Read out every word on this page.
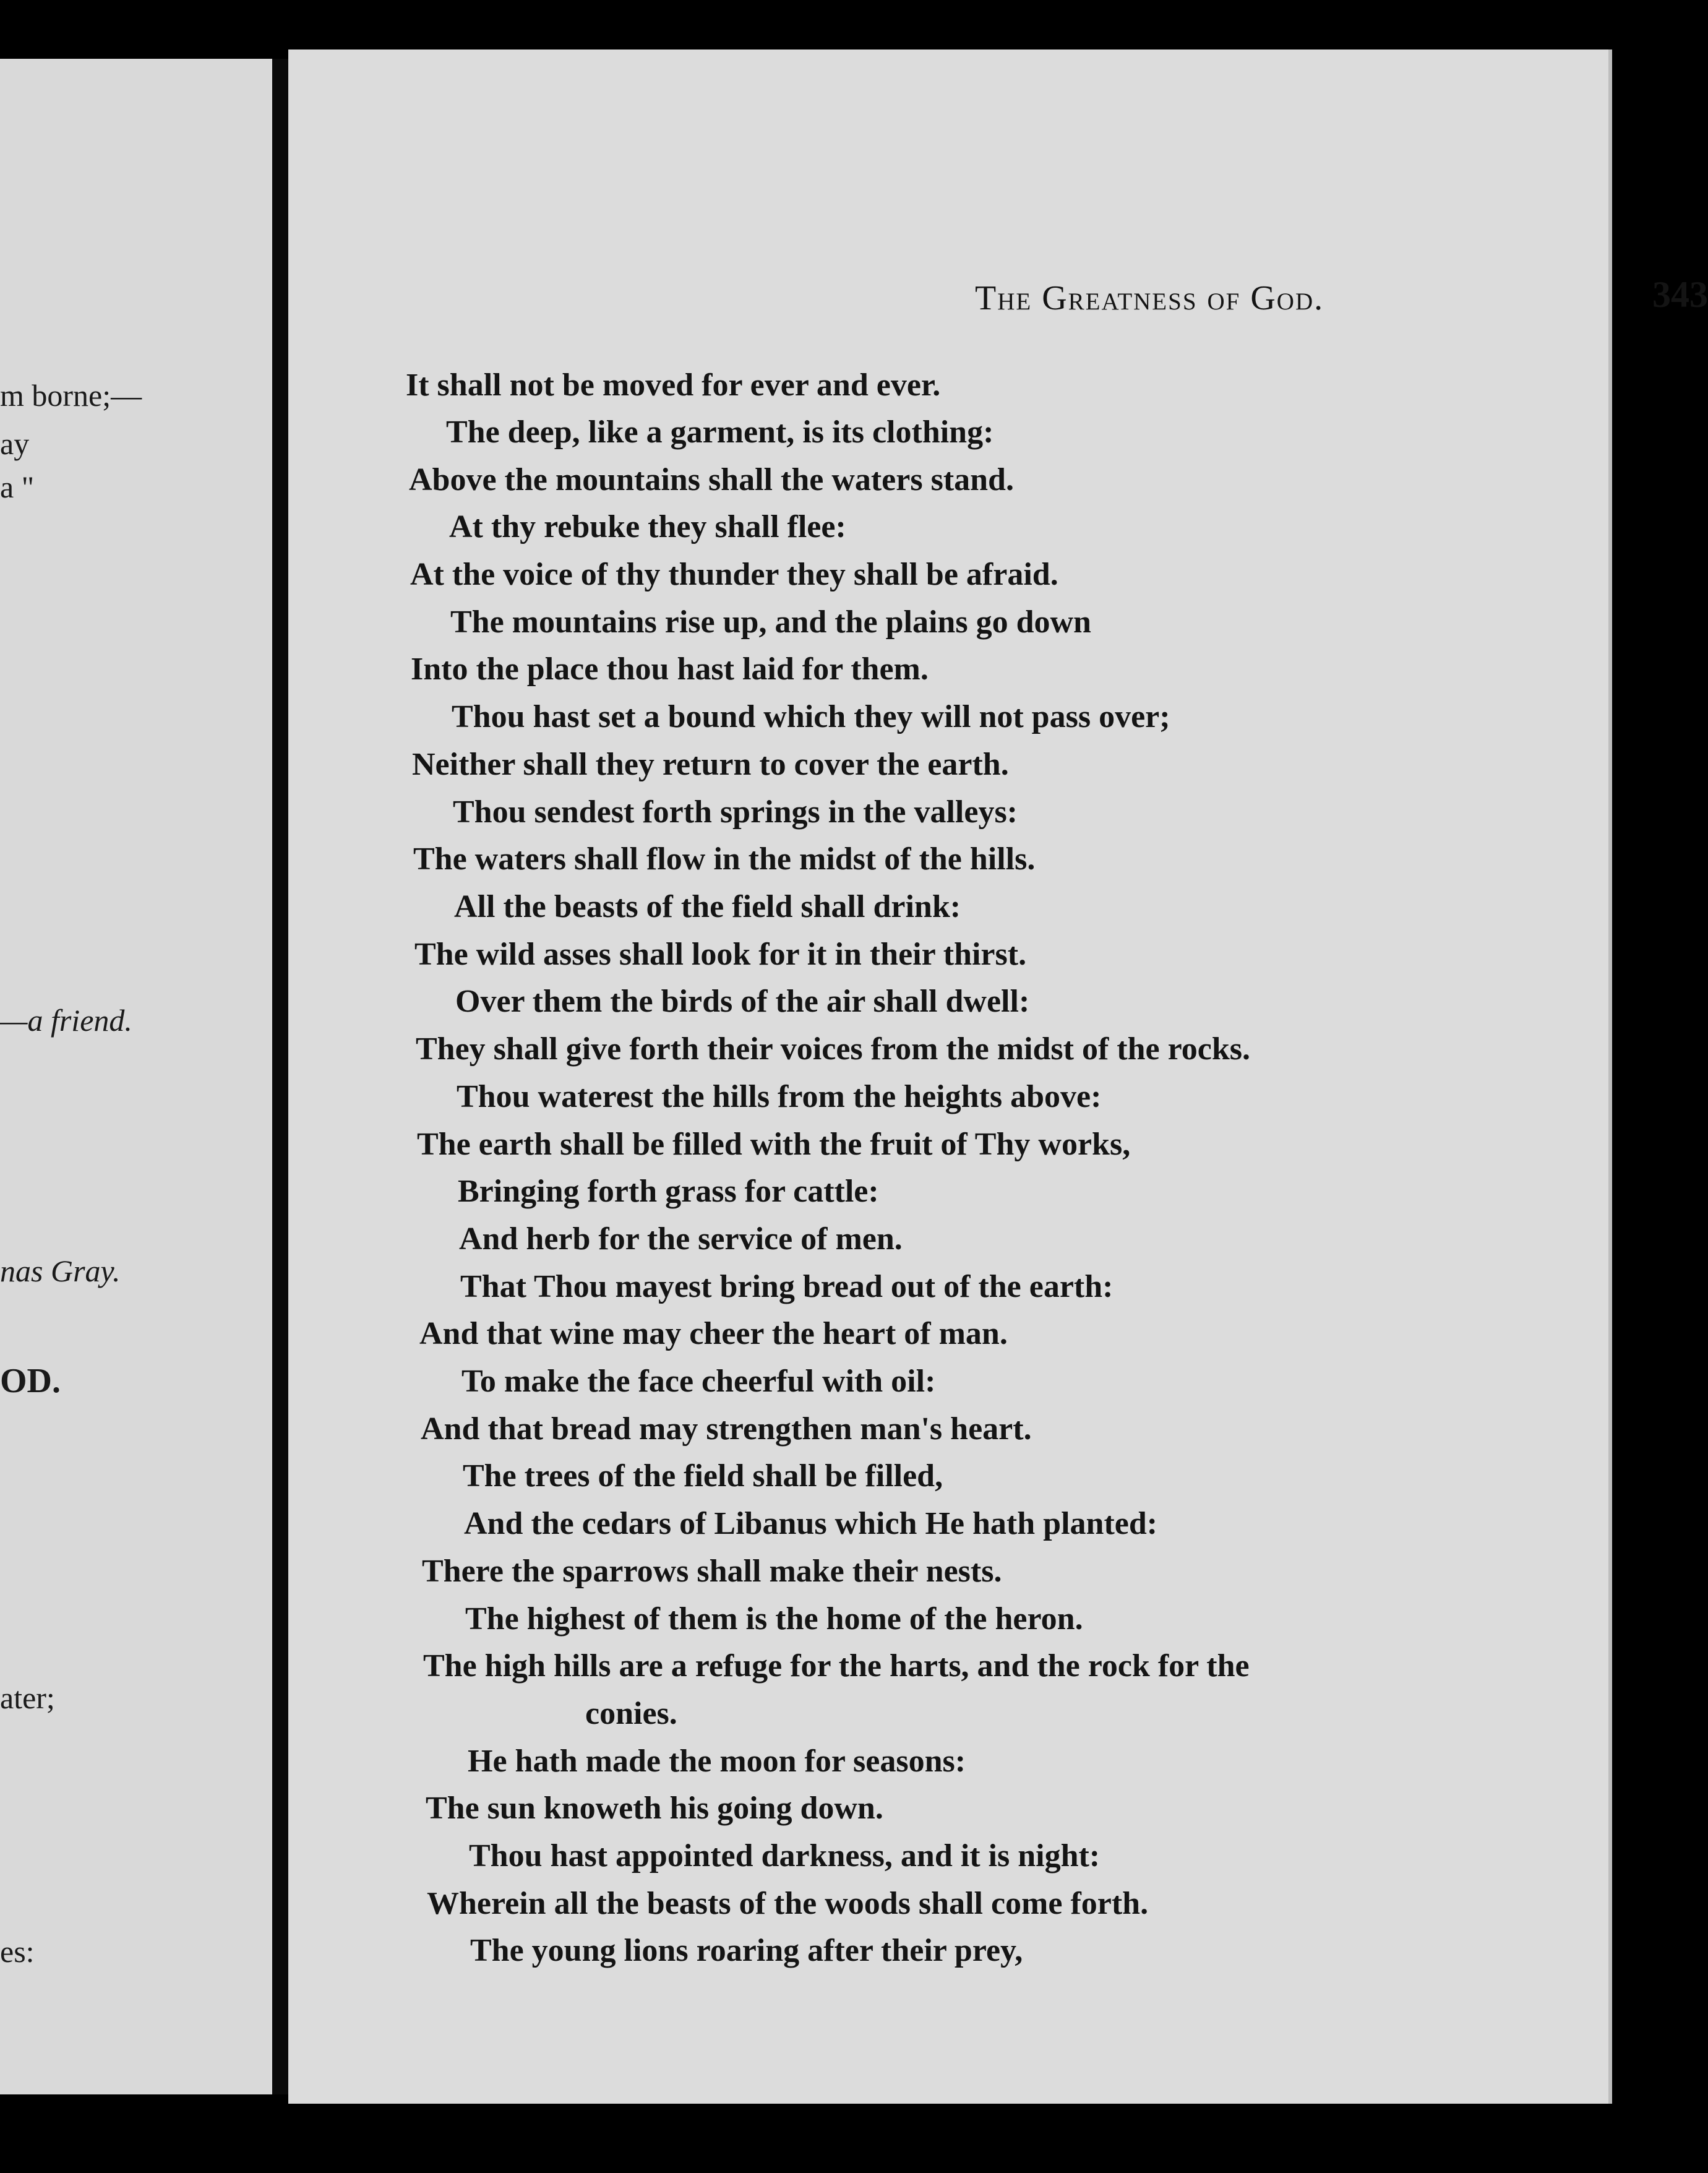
m borne;—
ay
a "
—a friend.
nas Gray.
OD.
ater;
es:
The Greatness of God.	343
It shall not be moved for ever and ever.
The deep, like a garment, is its clothing:
Above the mountains shall the waters stand.
At thy rebuke they shall flee:
At the voice of thy thunder they shall be afraid.
The mountains rise up, and the plains go down
Into the place thou hast laid for them.
Thou hast set a bound which they will not pass over;
Neither shall they return to cover the earth.
Thou sendest forth springs in the valleys:
The waters shall flow in the midst of the hills.
All the beasts of the field shall drink:
The wild asses shall look for it in their thirst.
Over them the birds of the air shall dwell:
They shall give forth their voices from the midst of the rocks.
Thou waterest the hills from the heights above:
The earth shall be filled with the fruit of Thy works,
Bringing forth grass for cattle:
And herb for the service of men.
That Thou mayest bring bread out of the earth:
And that wine may cheer the heart of man.
To make the face cheerful with oil:
And that bread may strengthen man's heart.
The trees of the field shall be filled,
And the cedars of Libanus which He hath planted:
There the sparrows shall make their nests.
The highest of them is the home of the heron.
The high hills are a refuge for the harts, and the rock for the
conies.
He hath made the moon for seasons:
The sun knoweth his going down.
Thou hast appointed darkness, and it is night:
Wherein all the beasts of the woods shall come forth.
The young lions roaring after their prey,
